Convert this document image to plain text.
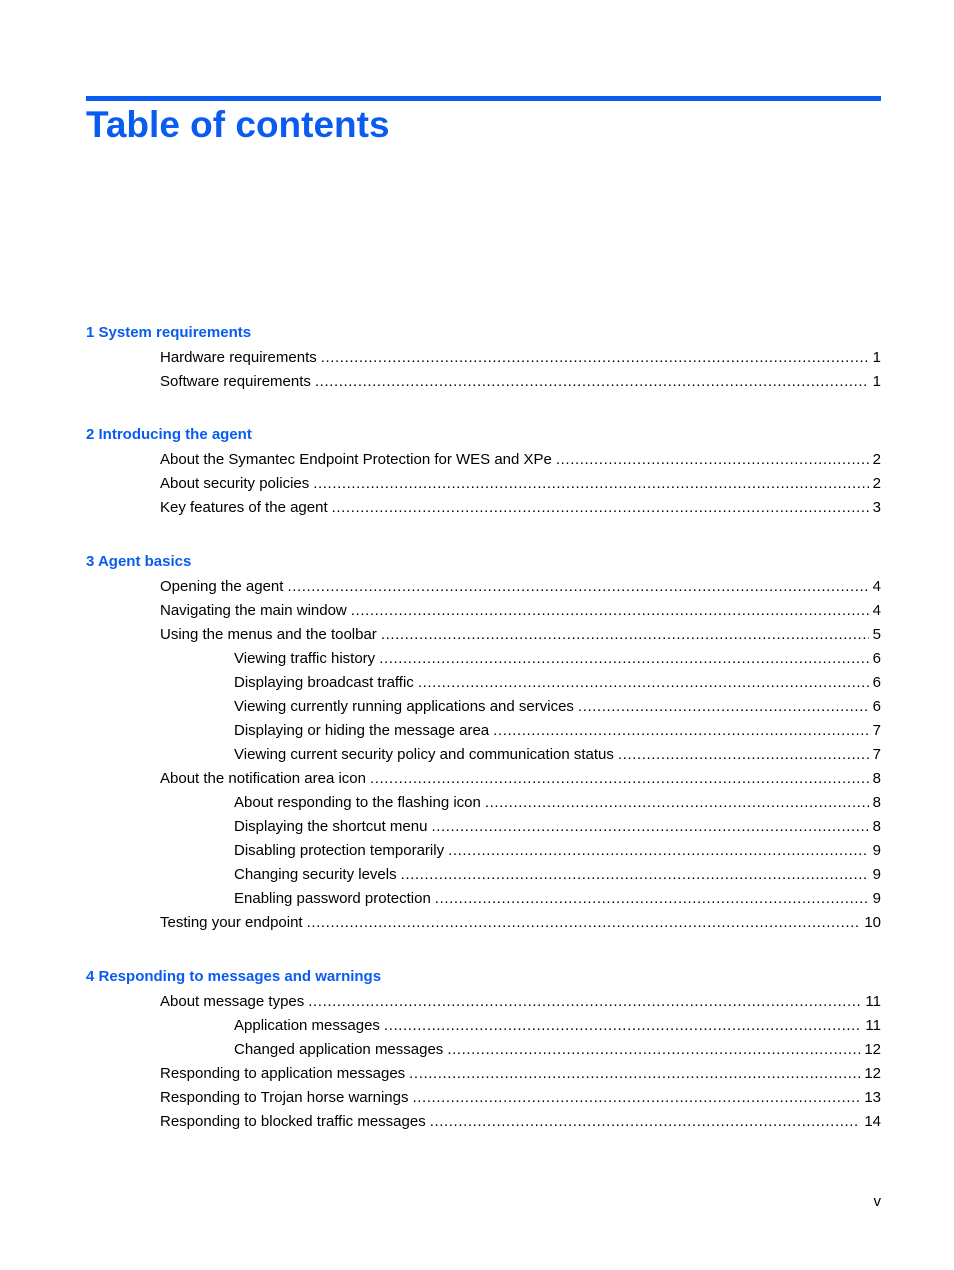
Table of contents
1 System requirements
Hardware requirements .....	1
Software requirements .....	1
2 Introducing the agent
About the Symantec Endpoint Protection for WES and XPe .....	2
About security policies .....	2
Key features of the agent .....	3
3 Agent basics
Opening the agent .....	4
Navigating the main window .....	4
Using the menus and the toolbar .....	5
Viewing traffic history .....	6
Displaying broadcast traffic .....	6
Viewing currently running applications and services .....	6
Displaying or hiding the message area .....	7
Viewing current security policy and communication status .....	7
About the notification area icon .....	8
About responding to the flashing icon .....	8
Displaying the shortcut menu .....	8
Disabling protection temporarily .....	9
Changing security levels .....	9
Enabling password protection .....	9
Testing your endpoint .....	10
4 Responding to messages and warnings
About message types .....	11
Application messages .....	11
Changed application messages .....	12
Responding to application messages .....	12
Responding to Trojan horse warnings .....	13
Responding to blocked traffic messages .....	14
v
